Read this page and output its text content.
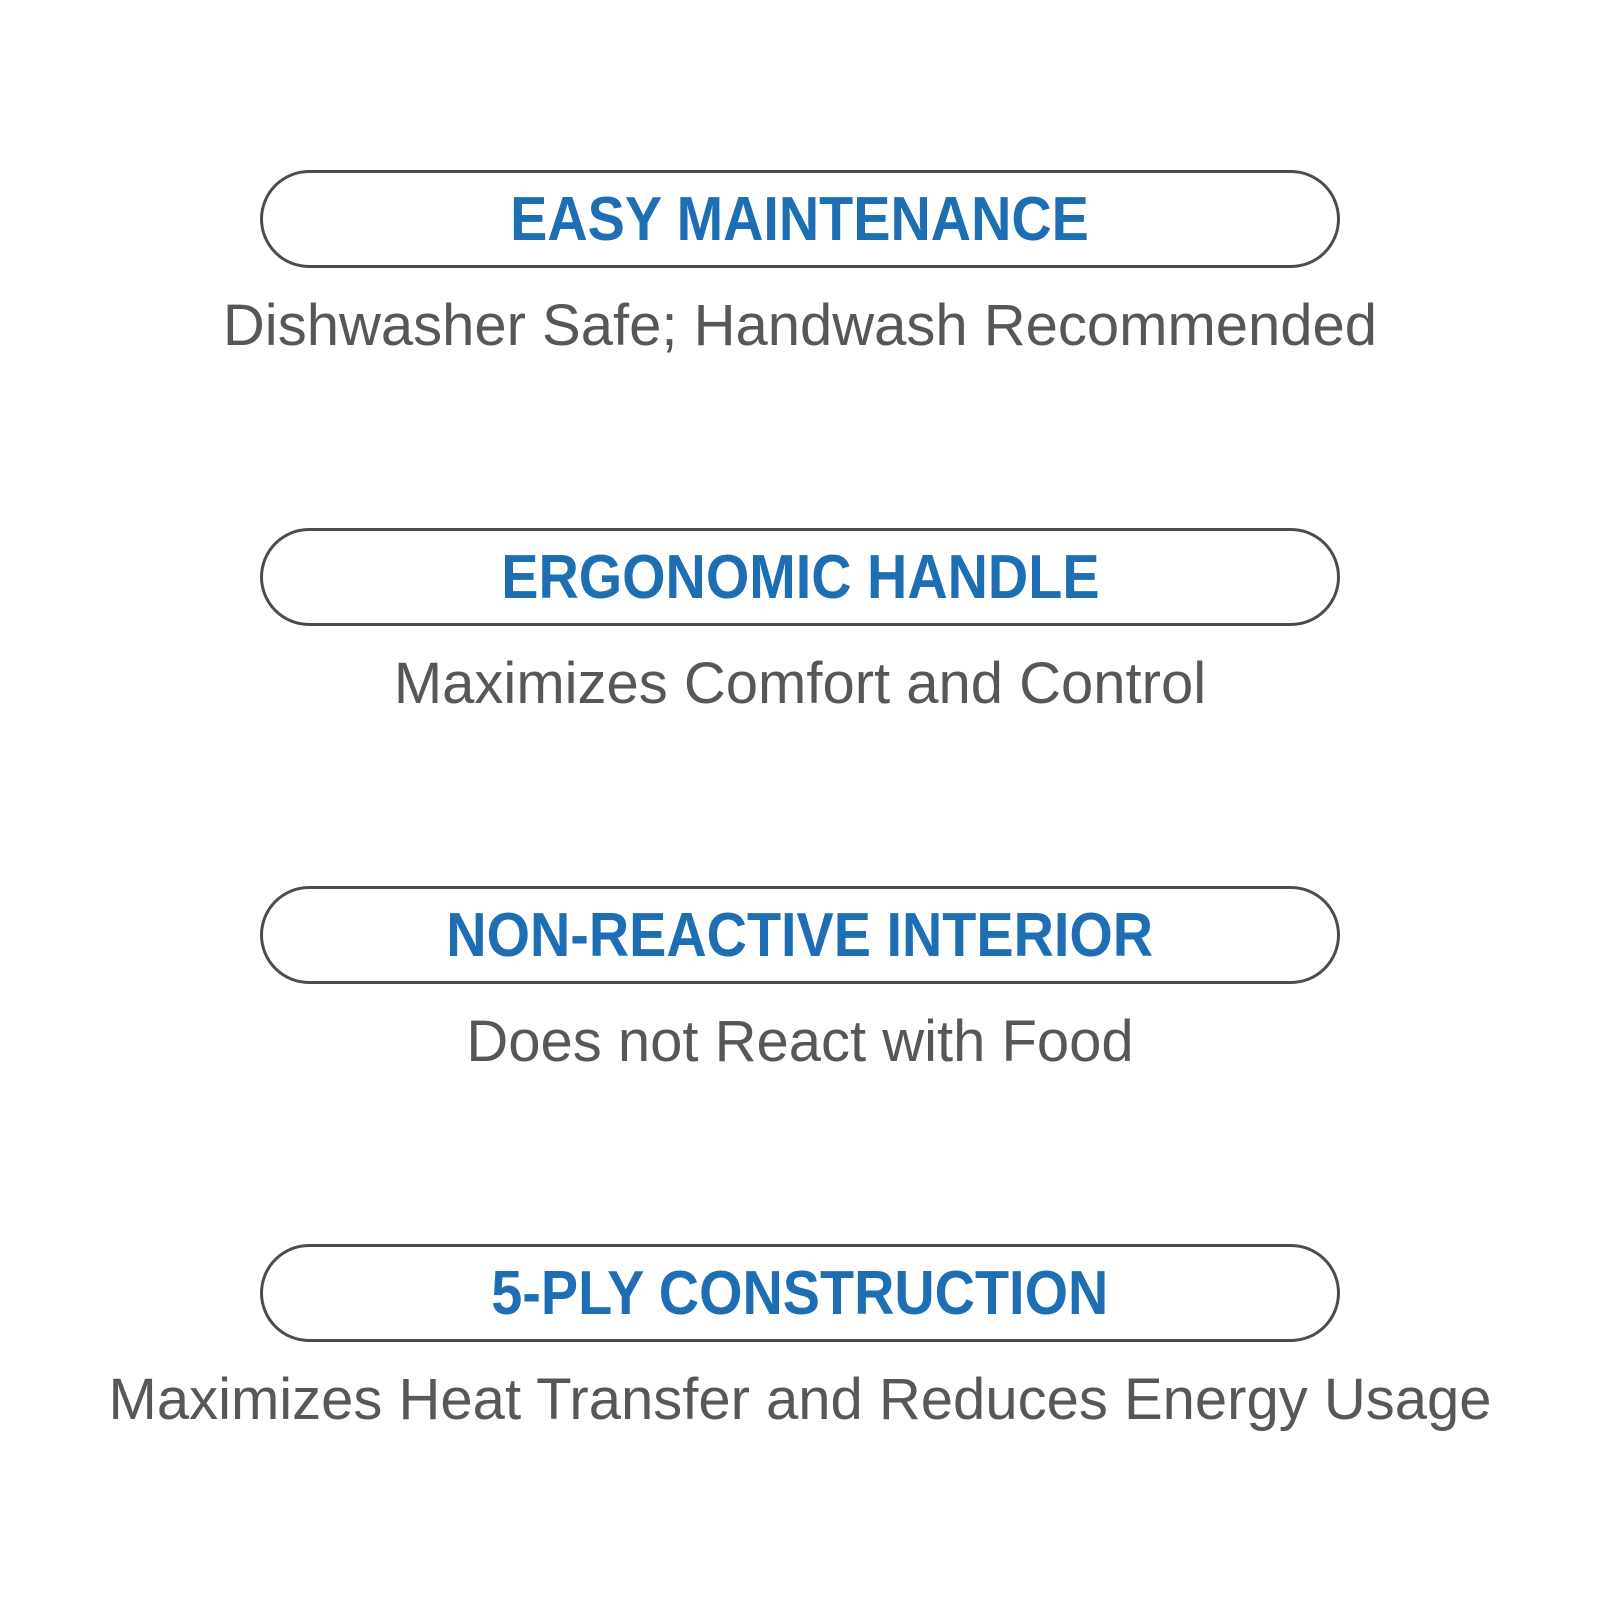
EASY MAINTENANCE

Dishwasher Safe; Handwash Recommended

ERGONOMIC HANDLE

Maximizes Comfort and Control

NON-REACTIVE INTERIOR

Does not React with Food

5-PLY CONSTRUCTION

Maximizes Heat Transfer and Reduces Energy Usage
